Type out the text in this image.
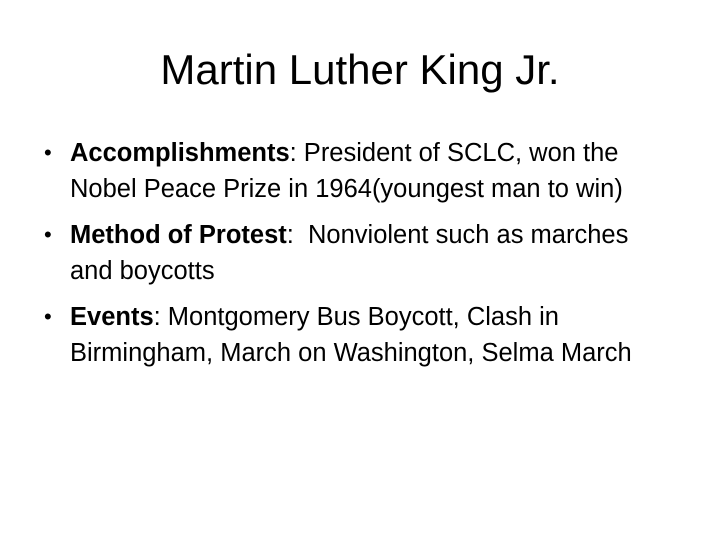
Martin Luther King Jr.
• Accomplishments: President of SCLC, won the Nobel Peace Prize in 1964(youngest man to win)
• Method of Protest:  Nonviolent such as marches and boycotts
• Events: Montgomery Bus Boycott, Clash in Birmingham, March on Washington, Selma March
